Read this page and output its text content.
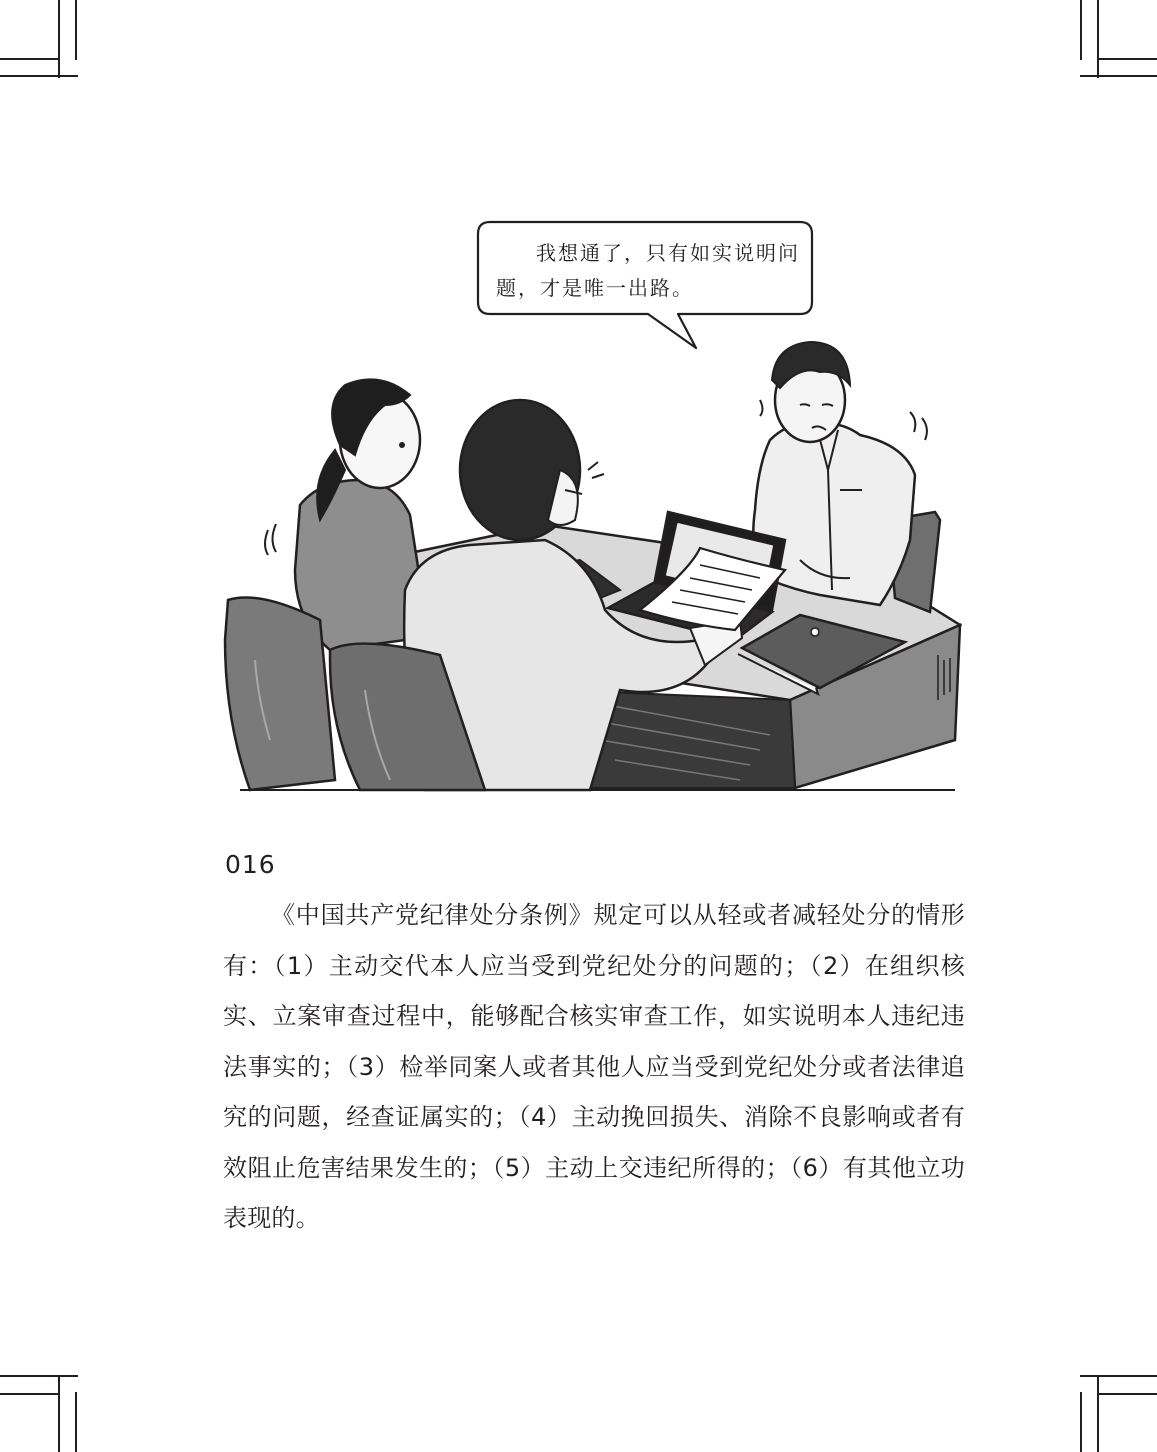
我想通了，只有如实说明问题，才是唯一出路。
016
《中国共产党纪律处分条例》规定可以从轻或者减轻处分的情形有：（1）主动交代本人应当受到党纪处分的问题的；（2）在组织核实、立案审查过程中，能够配合核实审查工作，如实说明本人违纪违法事实的；（3）检举同案人或者其他人应当受到党纪处分或者法律追究的问题，经查证属实的；（4）主动挽回损失、消除不良影响或者有效阻止危害结果发生的；（5）主动上交违纪所得的；（6）有其他立功表现的。
